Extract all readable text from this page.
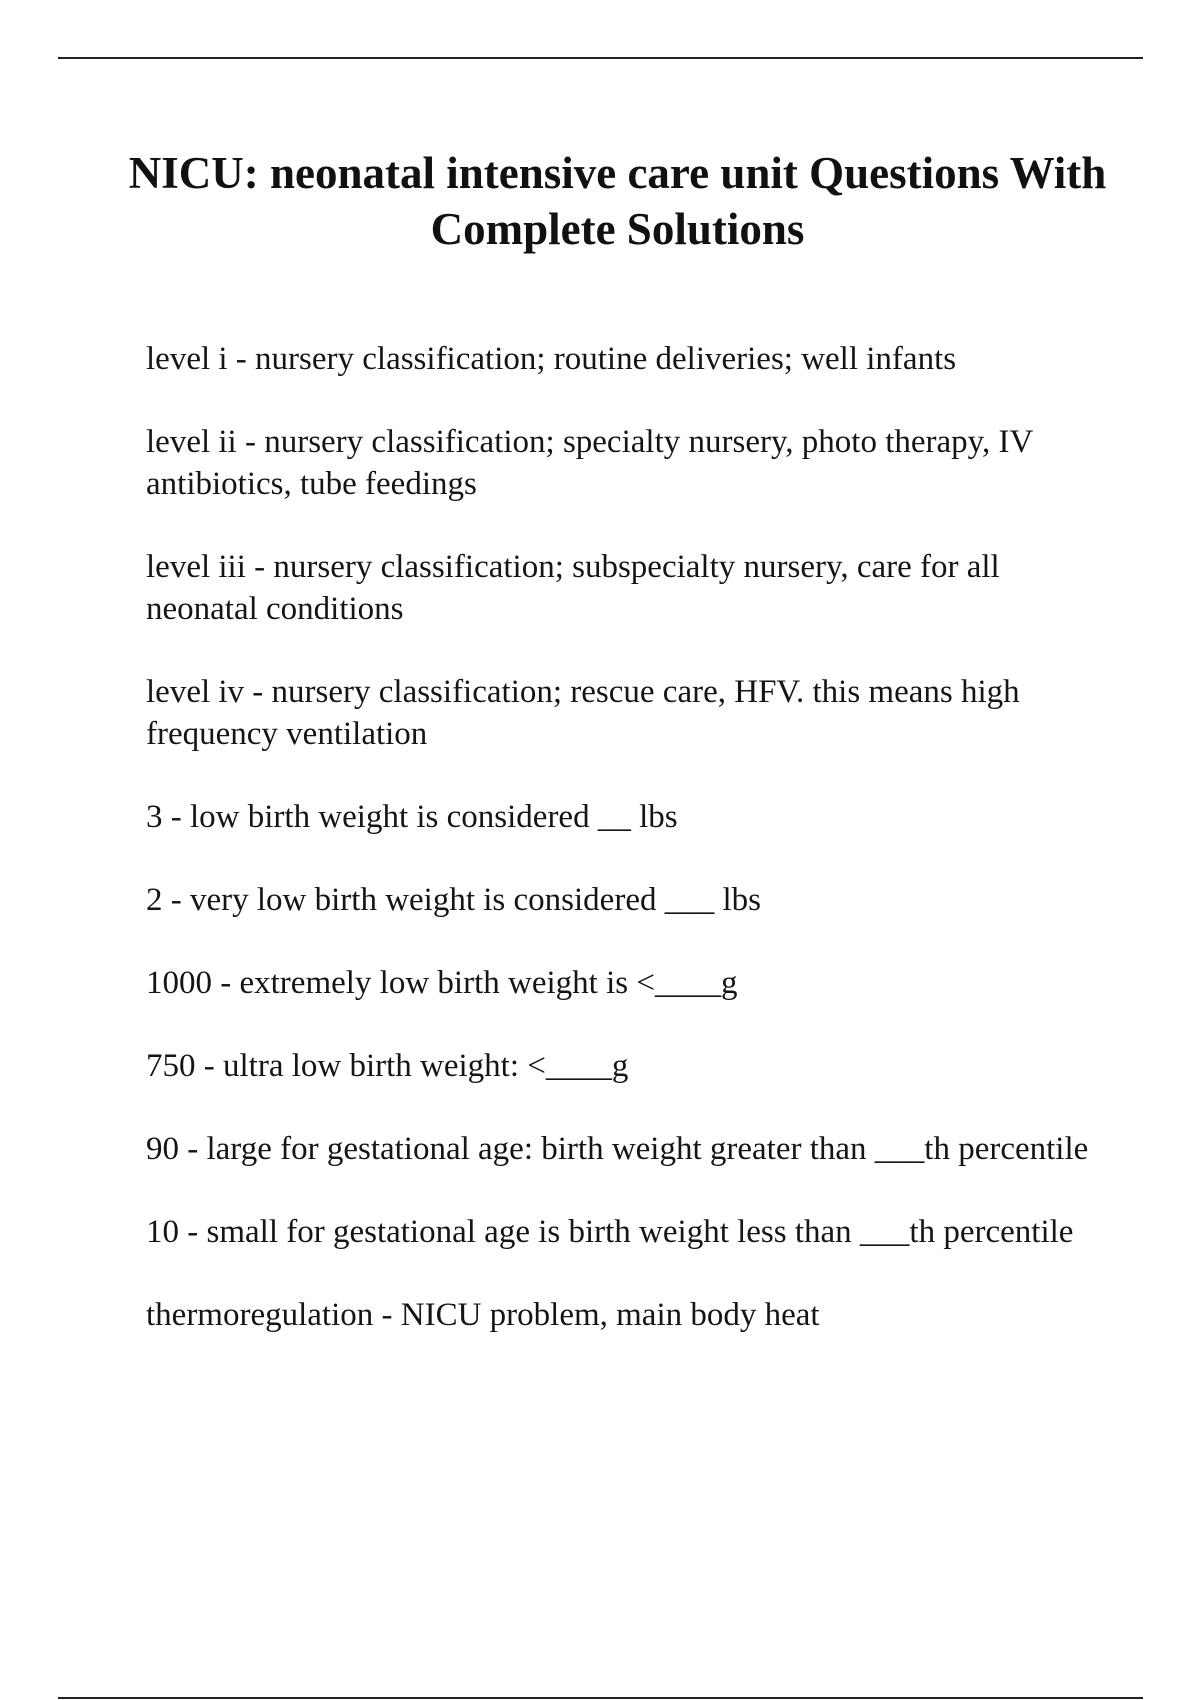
NICU: neonatal intensive care unit Questions With Complete Solutions
level i - nursery classification; routine deliveries; well infants
level ii - nursery classification; specialty nursery, photo therapy, IV antibiotics, tube feedings
level iii - nursery classification; subspecialty nursery, care for all neonatal conditions
level iv - nursery classification; rescue care, HFV. this means high frequency ventilation
3 - low birth weight is considered __ lbs
2 - very low birth weight is considered ___ lbs
1000 - extremely low birth weight is <____g
750 - ultra low birth weight: <____g
90 - large for gestational age: birth weight greater than ___th percentile
10 - small for gestational age is birth weight less than ___th percentile
thermoregulation - NICU problem, main body heat
